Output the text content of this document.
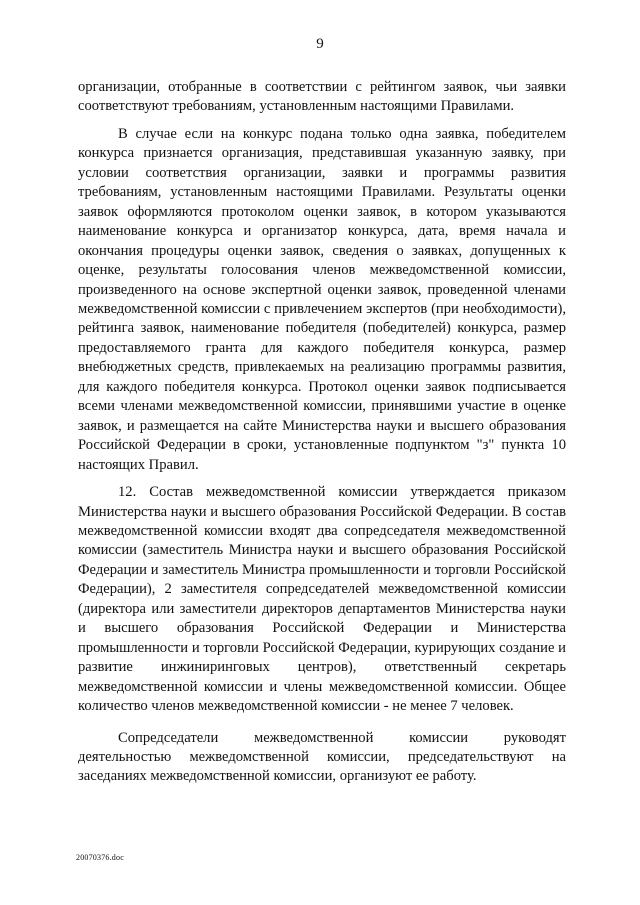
9

организации, отобранные в соответствии с рейтингом заявок, чьи заявки соответствуют требованиям, установленным настоящими Правилами.

В случае если на конкурс подана только одна заявка, победителем конкурса признается организация, представившая указанную заявку, при условии соответствия организации, заявки и программы развития требованиям, установленным настоящими Правилами. Результаты оценки заявок оформляются протоколом оценки заявок, в котором указываются наименование конкурса и организатор конкурса, дата, время начала и окончания процедуры оценки заявок, сведения о заявках, допущенных к оценке, результаты голосования членов межведомственной комиссии, произведенного на основе экспертной оценки заявок, проведенной членами межведомственной комиссии с привлечением экспертов (при необходимости), рейтинга заявок, наименование победителя (победителей) конкурса, размер предоставляемого гранта для каждого победителя конкурса, размер внебюджетных средств, привлекаемых на реализацию программы развития, для каждого победителя конкурса. Протокол оценки заявок подписывается всеми членами межведомственной комиссии, принявшими участие в оценке заявок, и размещается на сайте Министерства науки и высшего образования Российской Федерации в сроки, установленные подпунктом "з" пункта 10 настоящих Правил.

12. Состав межведомственной комиссии утверждается приказом Министерства науки и высшего образования Российской Федерации. В состав межведомственной комиссии входят два сопредседателя межведомственной комиссии (заместитель Министра науки и высшего образования Российской Федерации и заместитель Министра промышленности и торговли Российской Федерации), 2 заместителя сопредседателей межведомственной комиссии (директора или заместители директоров департаментов Министерства науки и высшего образования Российской Федерации и Министерства промышленности и торговли Российской Федерации, курирующих создание и развитие инжиниринговых центров), ответственный секретарь межведомственной комиссии и члены межведомственной комиссии. Общее количество членов межведомственной комиссии - не менее 7 человек.

Сопредседатели межведомственной комиссии руководят деятельностью межведомственной комиссии, председательствуют на заседаниях межведомственной комиссии, организуют ее работу.

20070376.doc
